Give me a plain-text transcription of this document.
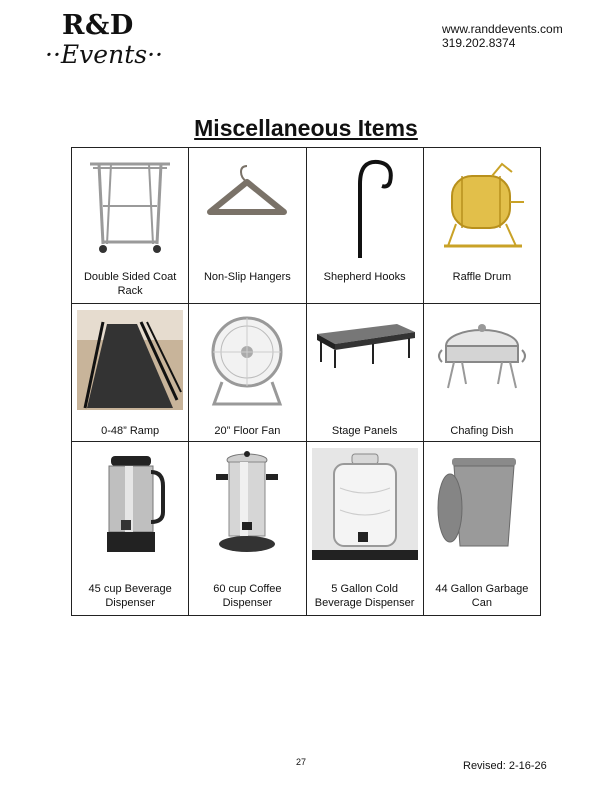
R&D
··Events··
www.randdevents.com
319.202.8374
Miscellaneous Items
Double Sided Coat Rack	Non-Slip Hangers	Shepherd Hooks	Raffle Drum

0-48” Ramp	20” Floor Fan	Stage Panels	Chafing Dish

45 cup Beverage Dispenser	60 cup Coffee Dispenser	5 Gallon Cold Beverage Dispenser	44 Gallon Garbage Can
27	Revised: 2-16-26
